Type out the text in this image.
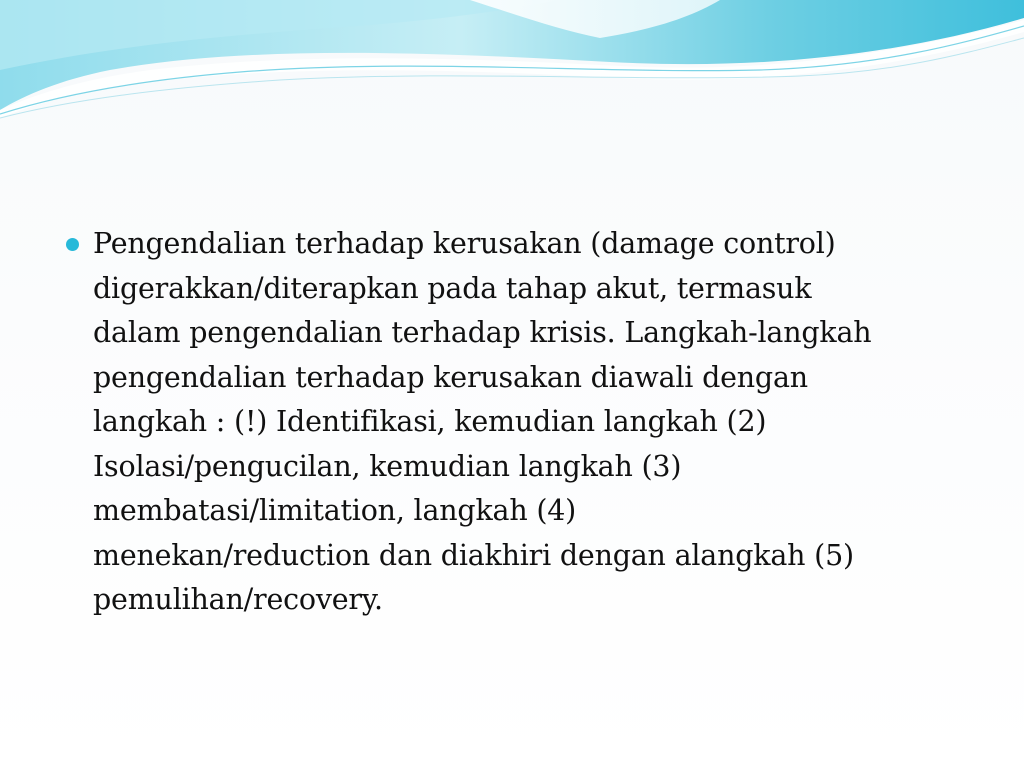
Pengendalian terhadap kerusakan (damage control)
digerakkan/diterapkan pada tahap akut, termasuk
dalam pengendalian terhadap krisis. Langkah-langkah
pengendalian terhadap kerusakan diawali dengan
langkah : (!) Identifikasi, kemudian langkah (2)
Isolasi/pengucilan, kemudian langkah (3)
membatasi/limitation, langkah (4)
menekan/reduction dan diakhiri dengan alangkah (5)
pemulihan/recovery.
